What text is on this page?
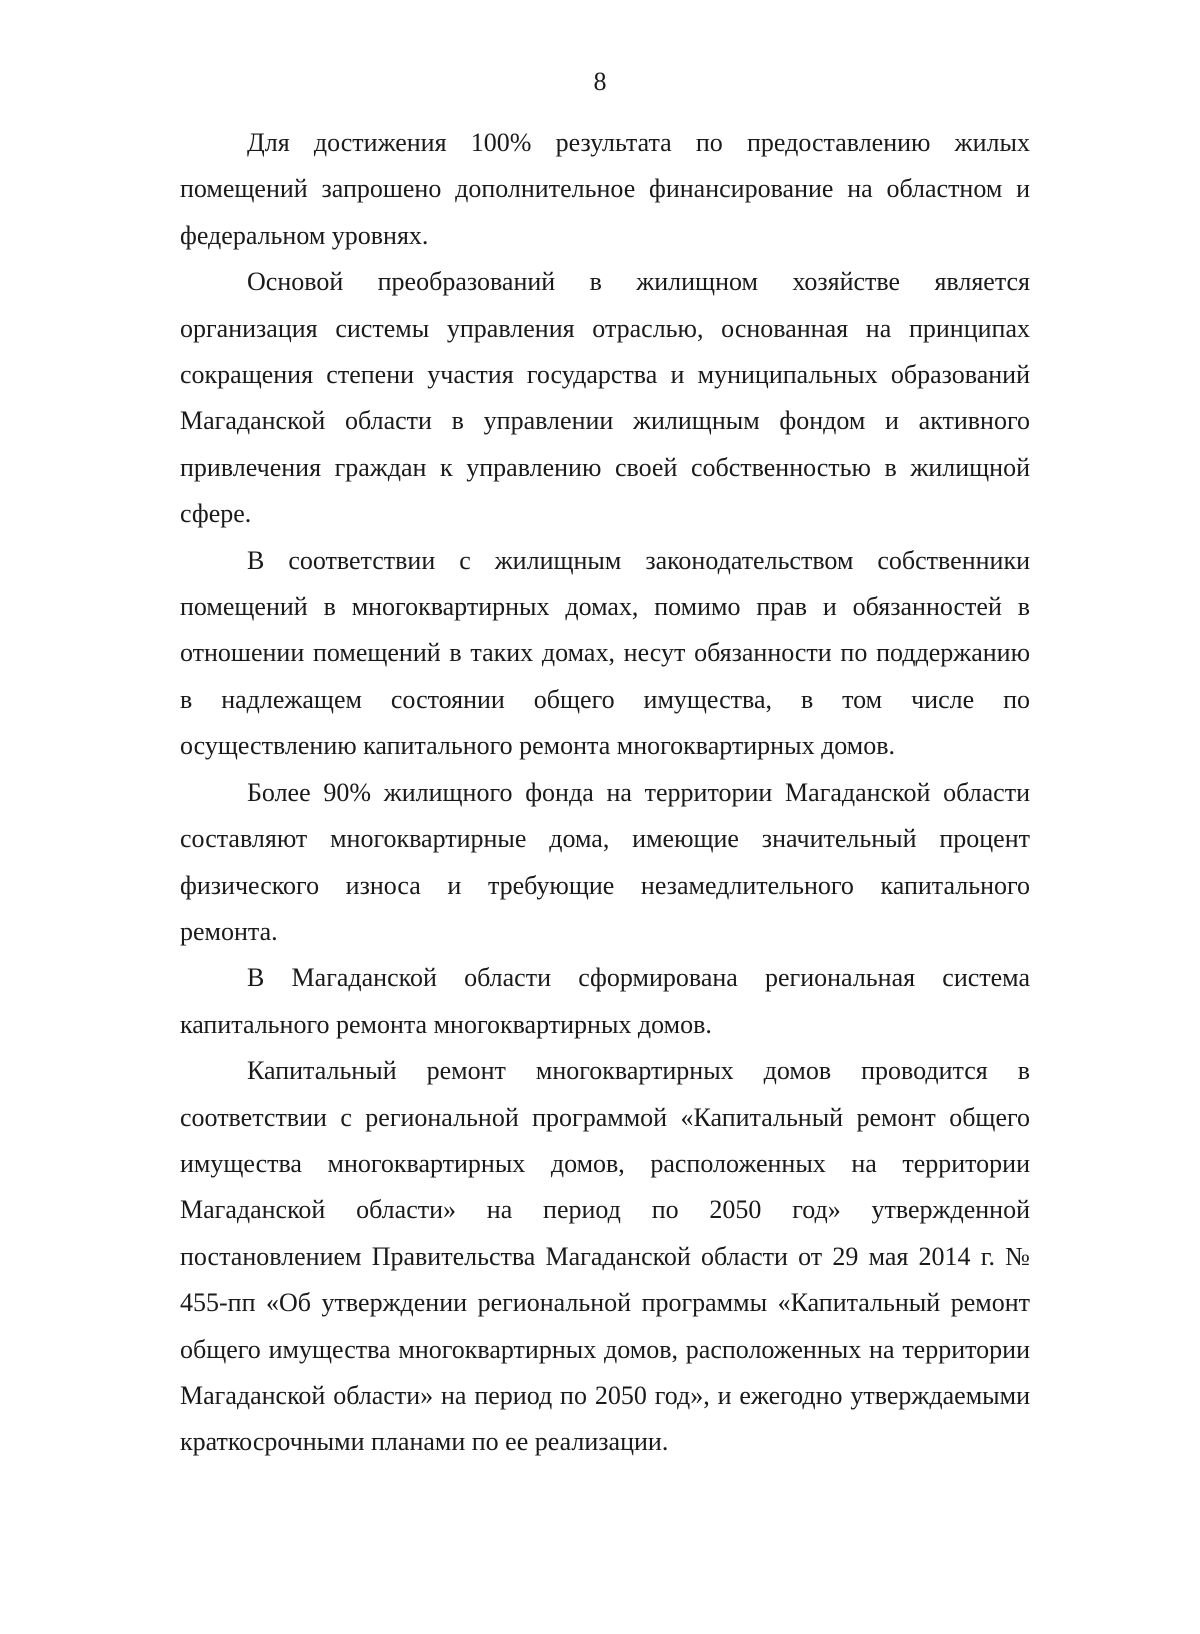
8

Для достижения 100% результата по предоставлению жилых помещений запрошено дополнительное финансирование на областном и федеральном уровнях.

Основой преобразований в жилищном хозяйстве является организация системы управления отраслью, основанная на принципах сокращения степени участия государства и муниципальных образований Магаданской области в управлении жилищным фондом и активного привлечения граждан к управлению своей собственностью в жилищной сфере.

В соответствии с жилищным законодательством собственники помещений в многоквартирных домах, помимо прав и обязанностей в отношении помещений в таких домах, несут обязанности по поддержанию в надлежащем состоянии общего имущества, в том числе по осуществлению капитального ремонта многоквартирных домов.

Более 90% жилищного фонда на территории Магаданской области составляют многоквартирные дома, имеющие значительный процент физического износа и требующие незамедлительного капитального ремонта.

В Магаданской области сформирована региональная система капитального ремонта многоквартирных домов.

Капитальный ремонт многоквартирных домов проводится в соответствии с региональной программой «Капитальный ремонт общего имущества многоквартирных домов, расположенных на территории Магаданской области» на период по 2050 год» утвержденной постановлением Правительства Магаданской области от 29 мая 2014 г. № 455-пп «Об утверждении региональной программы «Капитальный ремонт общего имущества многоквартирных домов, расположенных на территории Магаданской области» на период по 2050 год», и ежегодно утверждаемыми краткосрочными планами по ее реализации.
